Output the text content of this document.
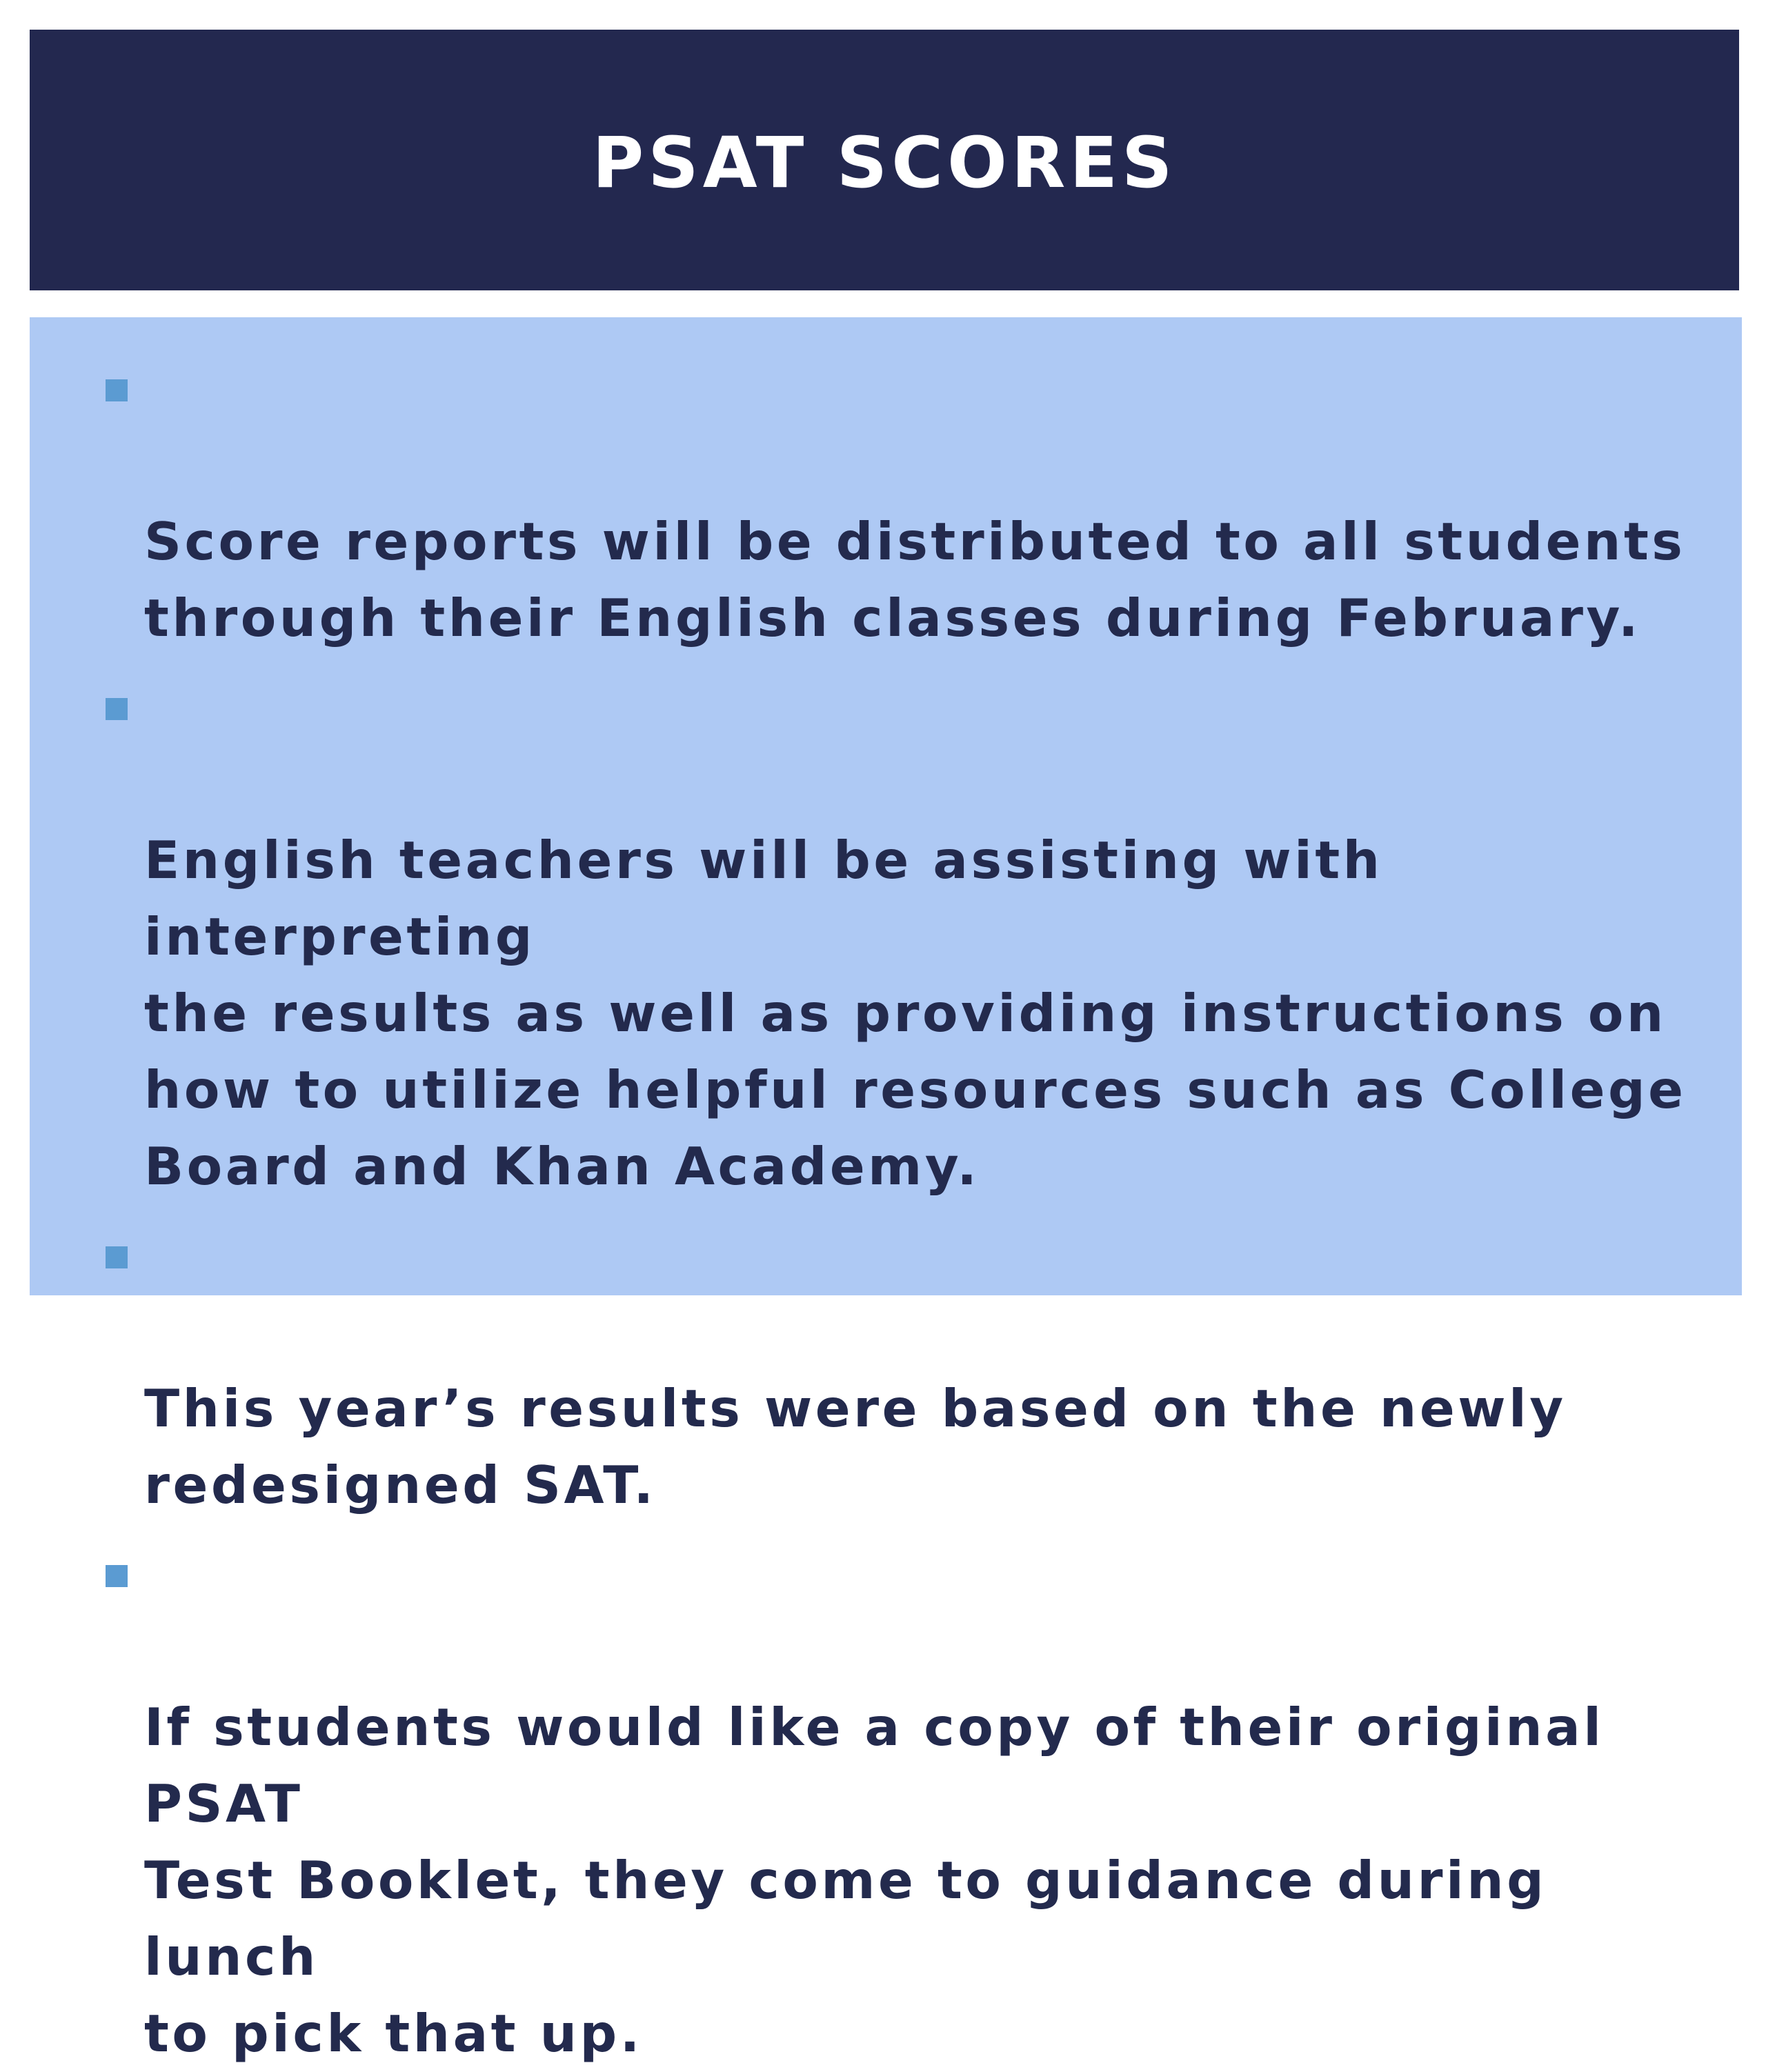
PSAT SCORES

Score reports will be distributed to all students
through their English classes during February.

English teachers will be assisting with interpreting
the results as well as providing instructions on
how to utilize helpful resources such as College
Board and Khan Academy.

This year’s results were based on the newly
redesigned SAT.

If students would like a copy of their original PSAT
Test Booklet, they come to guidance during lunch
to pick that up.
